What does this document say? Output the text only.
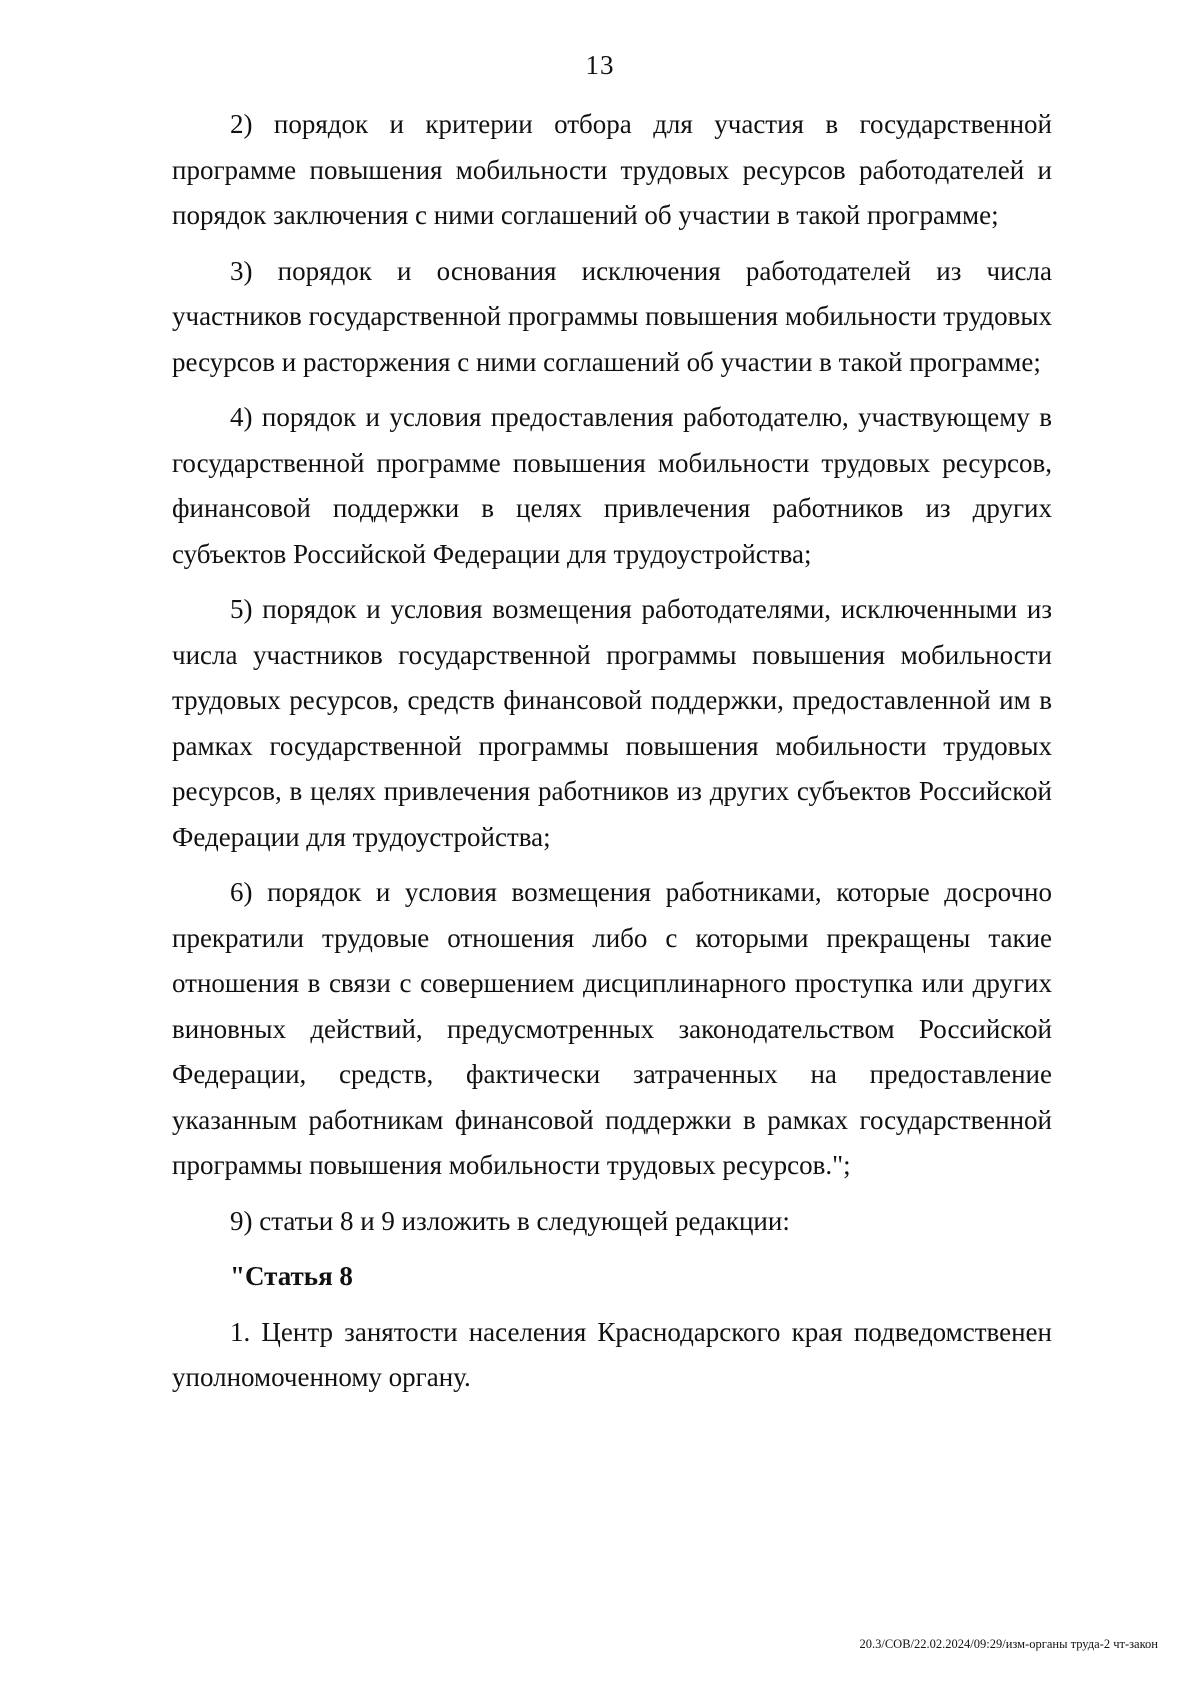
13

2) порядок и критерии отбора для участия в государственной программе повышения мобильности трудовых ресурсов работодателей и порядок заключения с ними соглашений об участии в такой программе;

3) порядок и основания исключения работодателей из числа участников государственной программы повышения мобильности трудовых ресурсов и расторжения с ними соглашений об участии в такой программе;

4) порядок и условия предоставления работодателю, участвующему в государственной программе повышения мобильности трудовых ресурсов, финансовой поддержки в целях привлечения работников из других субъектов Российской Федерации для трудоустройства;

5) порядок и условия возмещения работодателями, исключенными из числа участников государственной программы повышения мобильности трудовых ресурсов, средств финансовой поддержки, предоставленной им в рамках государственной программы повышения мобильности трудовых ресурсов, в целях привлечения работников из других субъектов Российской Федерации для трудоустройства;

6) порядок и условия возмещения работниками, которые досрочно прекратили трудовые отношения либо с которыми прекращены такие отношения в связи с совершением дисциплинарного проступка или других виновных действий, предусмотренных законодательством Российской Федерации, средств, фактически затраченных на предоставление указанным работникам финансовой поддержки в рамках государственной программы повышения мобильности трудовых ресурсов.";

9) статьи 8 и 9 изложить в следующей редакции:

"Статья 8

1. Центр занятости населения Краснодарского края подведомственен уполномоченному органу.

20.3/СОВ/22.02.2024/09:29/изм-органы труда-2 чт-закон
